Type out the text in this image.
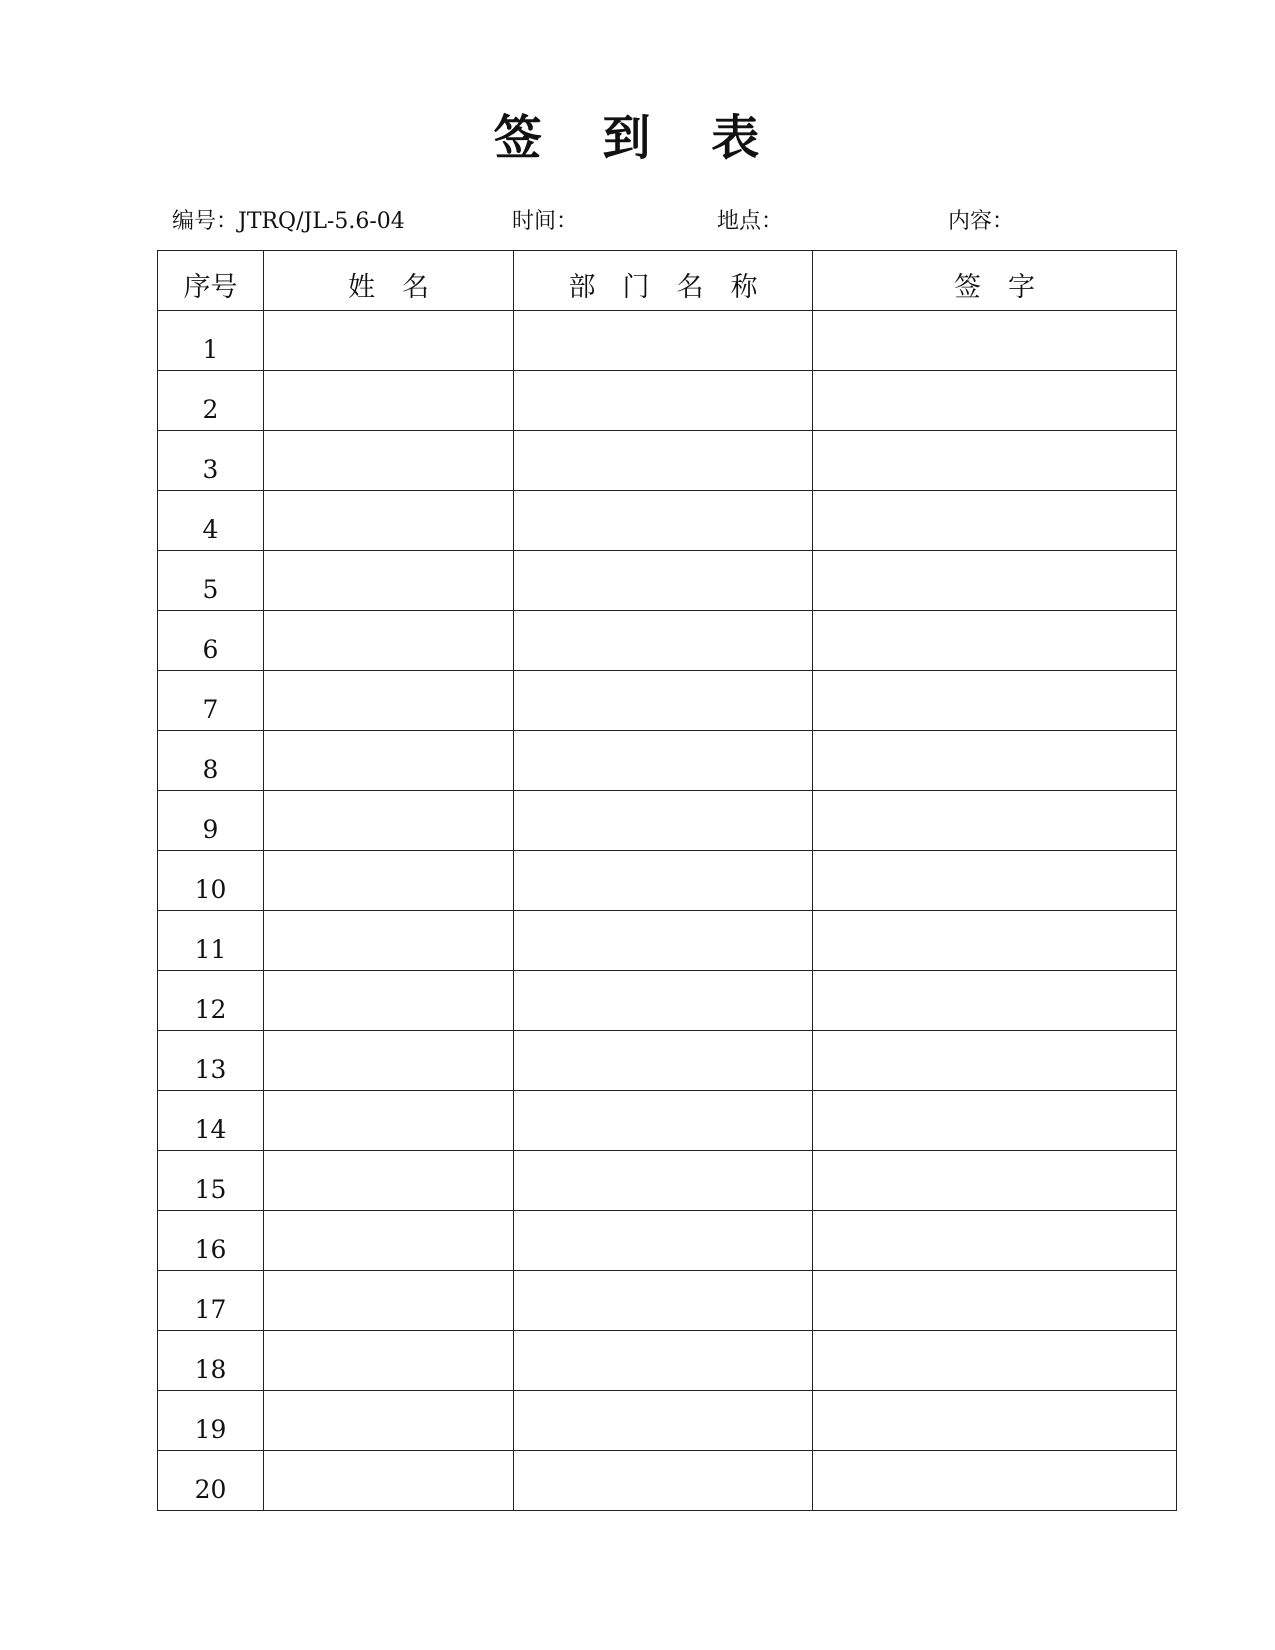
签 到 表
编号：JTRQ/JL-5.6-04	时间：	地点：	内容：
序号	姓　名	部　门　名　称	签　字
1			
2			
3			
4			
5			
6			
7			
8			
9			
10			
11			
12			
13			
14			
15			
16			
17			
18			
19			
20			
